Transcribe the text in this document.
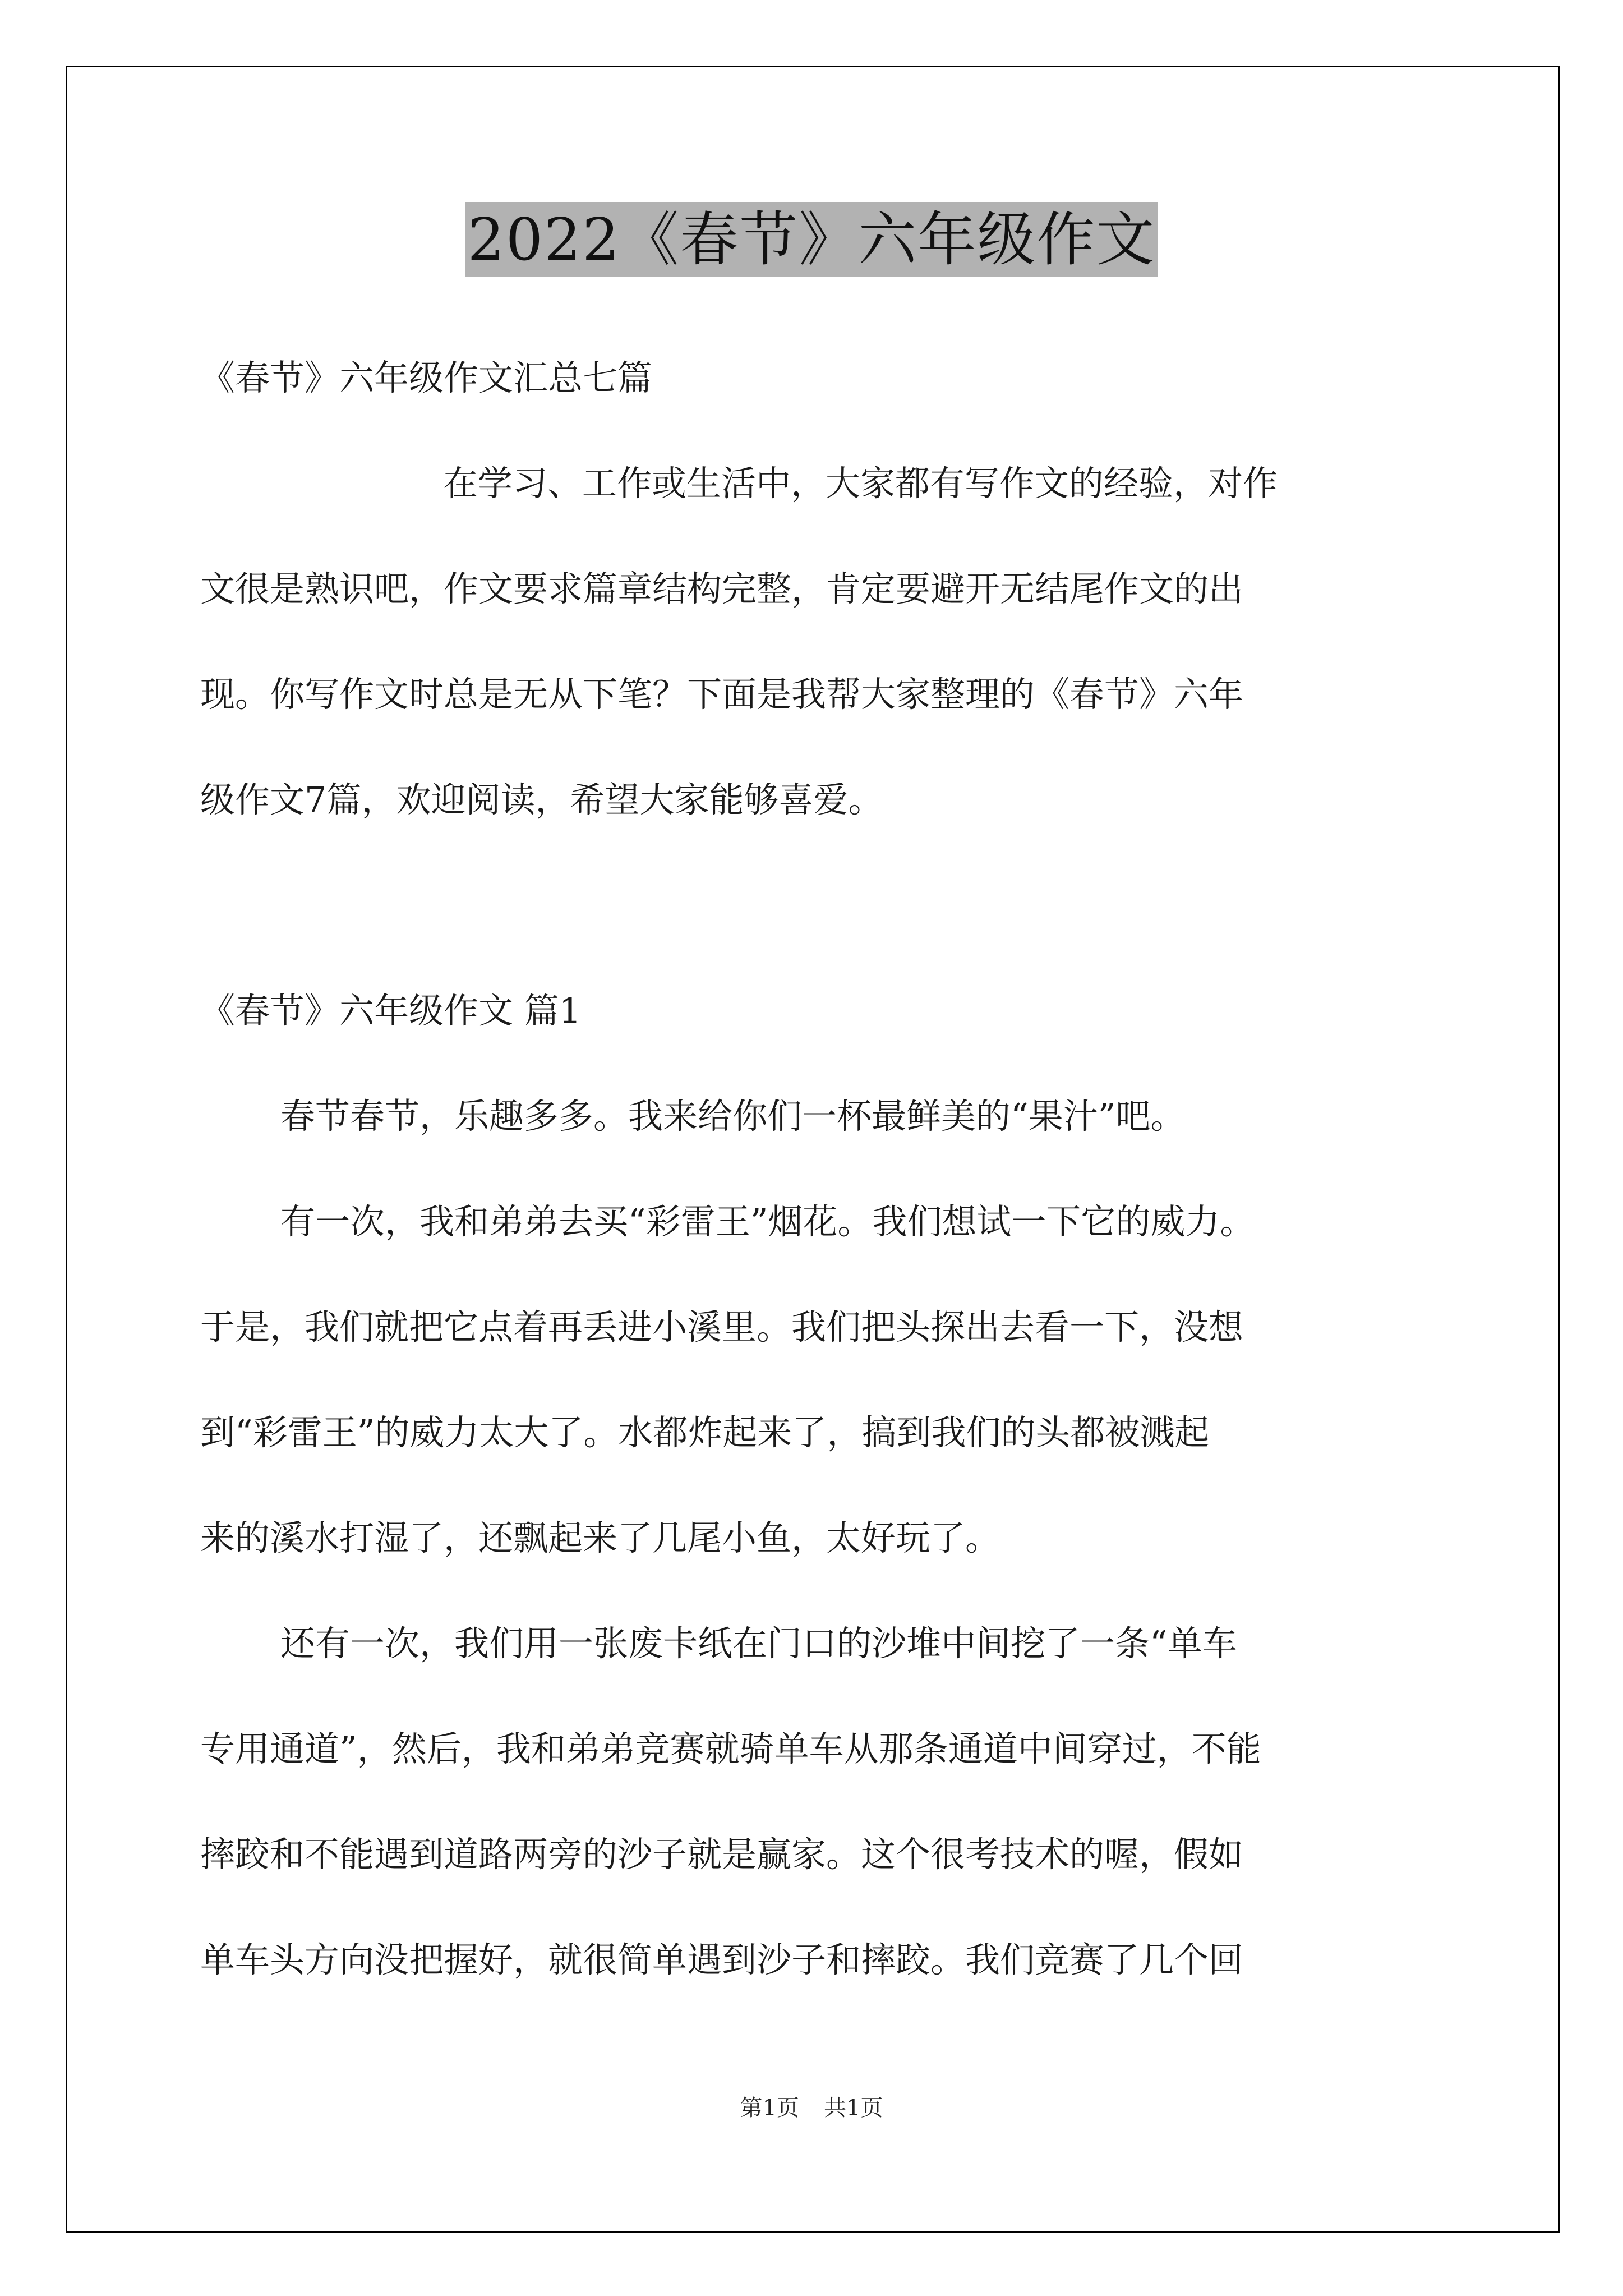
2022《春节》六年级作文
《春节》六年级作文汇总七篇
在学习、工作或生活中，大家都有写作文的经验，对作
文很是熟识吧，作文要求篇章结构完整，肯定要避开无结尾作文的出
现。你写作文时总是无从下笔？下面是我帮大家整理的《春节》六年
级作文7篇，欢迎阅读，希望大家能够喜爱。
《春节》六年级作文 篇1
春节春节，乐趣多多。我来给你们一杯最鲜美的“果汁”吧。
有一次，我和弟弟去买“彩雷王”烟花。我们想试一下它的威力。
于是，我们就把它点着再丢进小溪里。我们把头探出去看一下，没想
到“彩雷王”的威力太大了。水都炸起来了，搞到我们的头都被溅起
来的溪水打湿了，还飘起来了几尾小鱼，太好玩了。
还有一次，我们用一张废卡纸在门口的沙堆中间挖了一条“单车
专用通道”，然后，我和弟弟竞赛就骑单车从那条通道中间穿过，不能
摔跤和不能遇到道路两旁的沙子就是赢家。这个很考技术的喔，假如
单车头方向没把握好，就很简单遇到沙子和摔跤。我们竞赛了几个回
第1页 共1页
